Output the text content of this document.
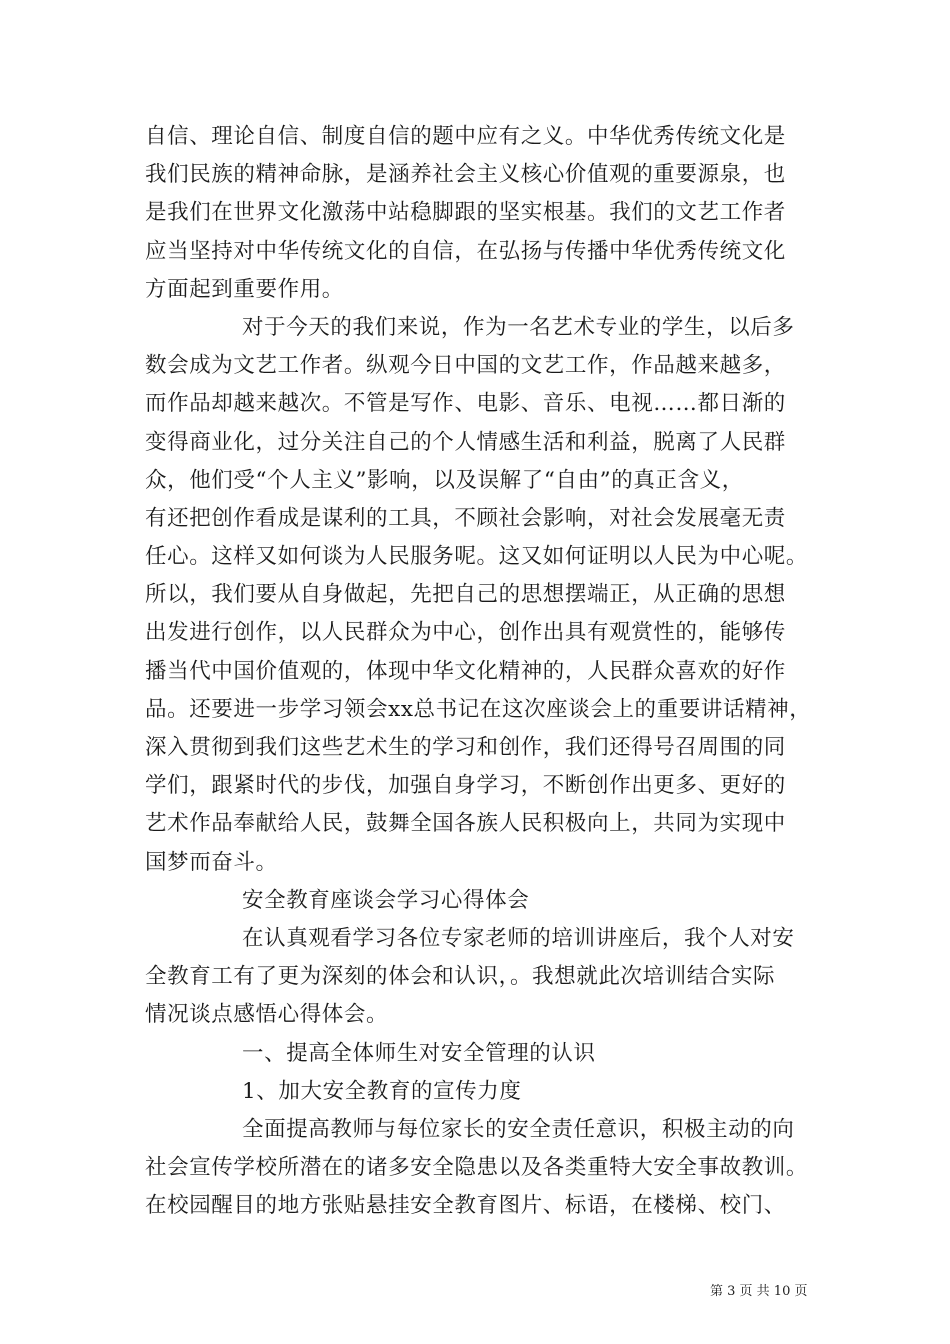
自信、理论自信、制度自信的题中应有之义。中华优秀传统文化是
我们民族的精神命脉，是涵养社会主义核心价值观的重要源泉，也
是我们在世界文化激荡中站稳脚跟的坚实根基。我们的文艺工作者
应当坚持对中华传统文化的自信，在弘扬与传播中华优秀传统文化
方面起到重要作用。
对于今天的我们来说，作为一名艺术专业的学生，以后多
数会成为文艺工作者。纵观今日中国的文艺工作，作品越来越多，
而作品却越来越次。不管是写作、电影、音乐、电视……都日渐的
变得商业化，过分关注自己的个人情感生活和利益，脱离了人民群
众，他们受“个人主义”影响，以及误解了“自由”的真正含义，
有还把创作看成是谋利的工具，不顾社会影响，对社会发展毫无责
任心。这样又如何谈为人民服务呢。这又如何证明以人民为中心呢。
所以，我们要从自身做起，先把自己的思想摆端正，从正确的思想
出发进行创作，以人民群众为中心，创作出具有观赏性的，能够传
播当代中国价值观的，体现中华文化精神的，人民群众喜欢的好作
品。还要进一步学习领会xx总书记在这次座谈会上的重要讲话精神，
深入贯彻到我们这些艺术生的学习和创作，我们还得号召周围的同
学们，跟紧时代的步伐，加强自身学习，不断创作出更多、更好的
艺术作品奉献给人民，鼓舞全国各族人民积极向上，共同为实现中
国梦而奋斗。
安全教育座谈会学习心得体会
在认真观看学习各位专家老师的培训讲座后，我个人对安
全教育工有了更为深刻的体会和认识，。我想就此次培训结合实际
情况谈点感悟心得体会。
一、提高全体师生对安全管理的认识
1、加大安全教育的宣传力度
全面提高教师与每位家长的安全责任意识，积极主动的向
社会宣传学校所潜在的诸多安全隐患以及各类重特大安全事故教训。
在校园醒目的地方张贴悬挂安全教育图片、标语，在楼梯、校门、
第 3 页 共 10 页
